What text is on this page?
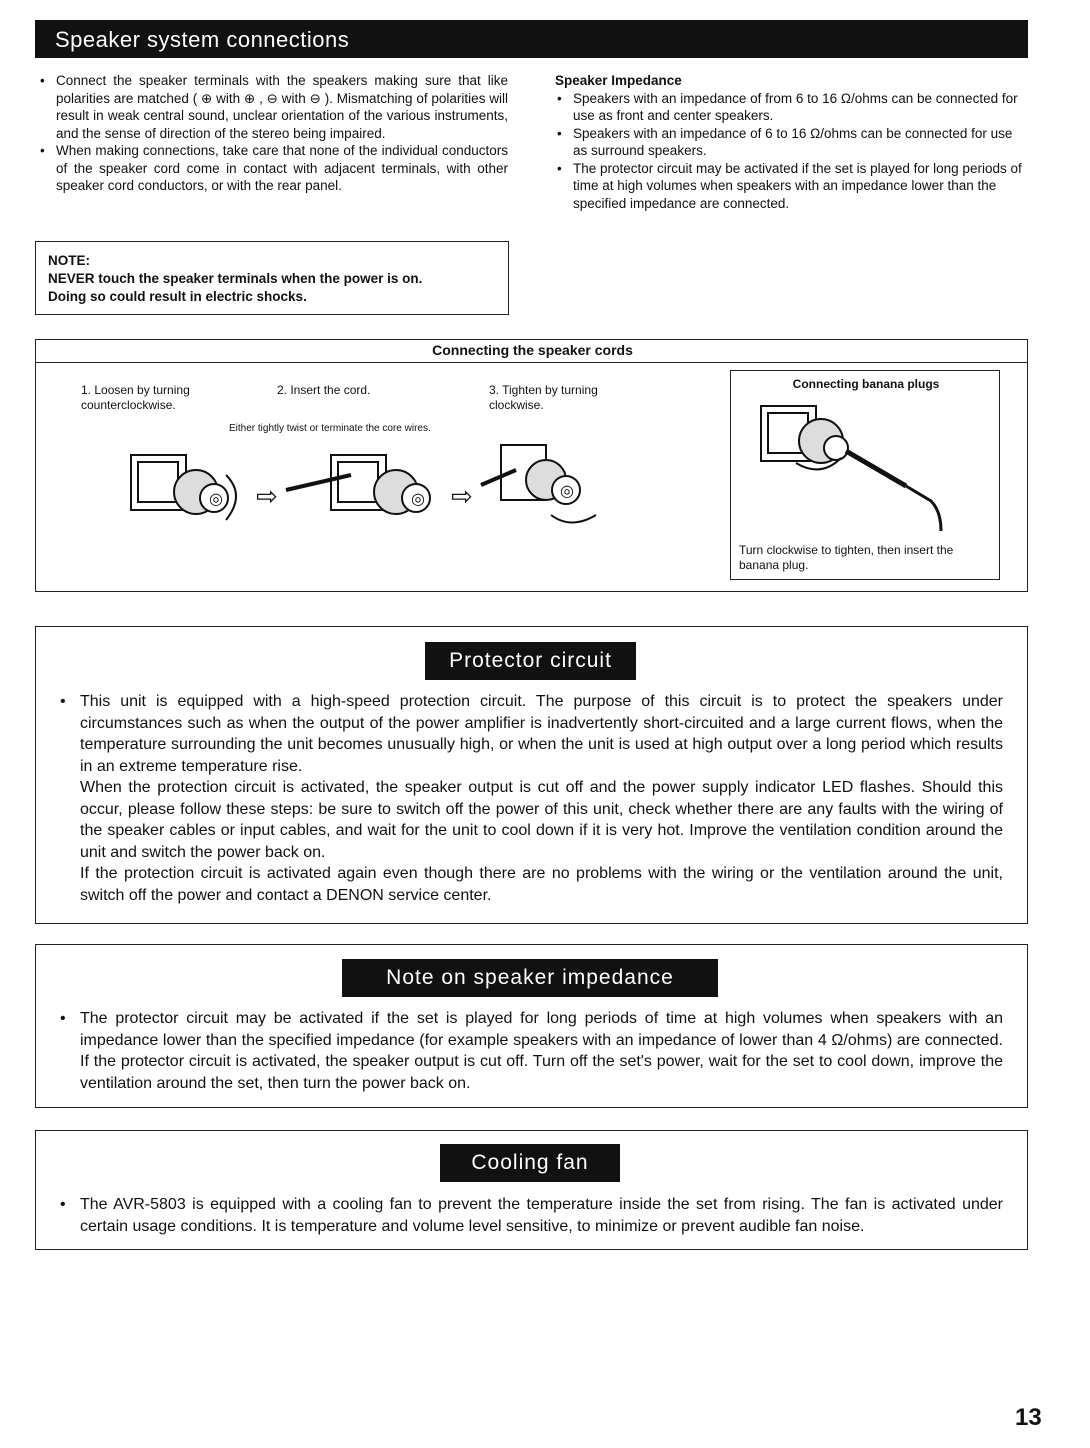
Speaker system connections

• Connect the speaker terminals with the speakers making sure that like polarities are matched ( ⊕ with ⊕ , ⊖ with ⊖ ). Mismatching of polarities will result in weak central sound, unclear orientation of the various instruments, and the sense of direction of the stereo being impaired.

• When making connections, take care that none of the individual conductors of the speaker cord come in contact with adjacent terminals, with other speaker cord conductors, or with the rear panel.

Speaker Impedance

• Speakers with an impedance of from 6 to 16 Ω/ohms can be connected for use as front and center speakers.

• Speakers with an impedance of 6 to 16 Ω/ohms can be connected for use as surround speakers.

• The protector circuit may be activated if the set is played for long periods of time at high volumes when speakers with an impedance lower than the specified impedance are connected.

NOTE:
NEVER touch the speaker terminals when the power is on.
Doing so could result in electric shocks.
Connecting the speaker cords
1. Loosen by turning counterclockwise.
2. Insert the cord.	3. Tighten by turning clockwise.
Either tightly twist or terminate the core wires.
◎ ⇨	◎ ⇨	◎
Connecting banana plugs
Turn clockwise to tighten, then insert the banana plug.
Protector circuit
• This unit is equipped with a high-speed protection circuit. The purpose of this circuit is to protect the speakers under circumstances such as when the output of the power amplifier is inadvertently short-circuited and a large current flows, when the temperature surrounding the unit becomes unusually high, or when the unit is used at high output over a long period which results in an extreme temperature rise.
When the protection circuit is activated, the speaker output is cut off and the power supply indicator LED flashes. Should this occur, please follow these steps: be sure to switch off the power of this unit, check whether there are any faults with the wiring of the speaker cables or input cables, and wait for the unit to cool down if it is very hot. Improve the ventilation condition around the unit and switch the power back on.
If the protection circuit is activated again even though there are no problems with the wiring or the ventilation around the unit, switch off the power and contact a DENON service center.
Note on speaker impedance
• The protector circuit may be activated if the set is played for long periods of time at high volumes when speakers with an impedance lower than the specified impedance (for example speakers with an impedance of lower than 4 Ω/ohms) are connected. If the protector circuit is activated, the speaker output is cut off. Turn off the set's power, wait for the set to cool down, improve the ventilation around the set, then turn the power back on.
Cooling fan
• The AVR-5803 is equipped with a cooling fan to prevent the temperature inside the set from rising. The fan is activated under certain usage conditions. It is temperature and volume level sensitive, to minimize or prevent audible fan noise.
13
